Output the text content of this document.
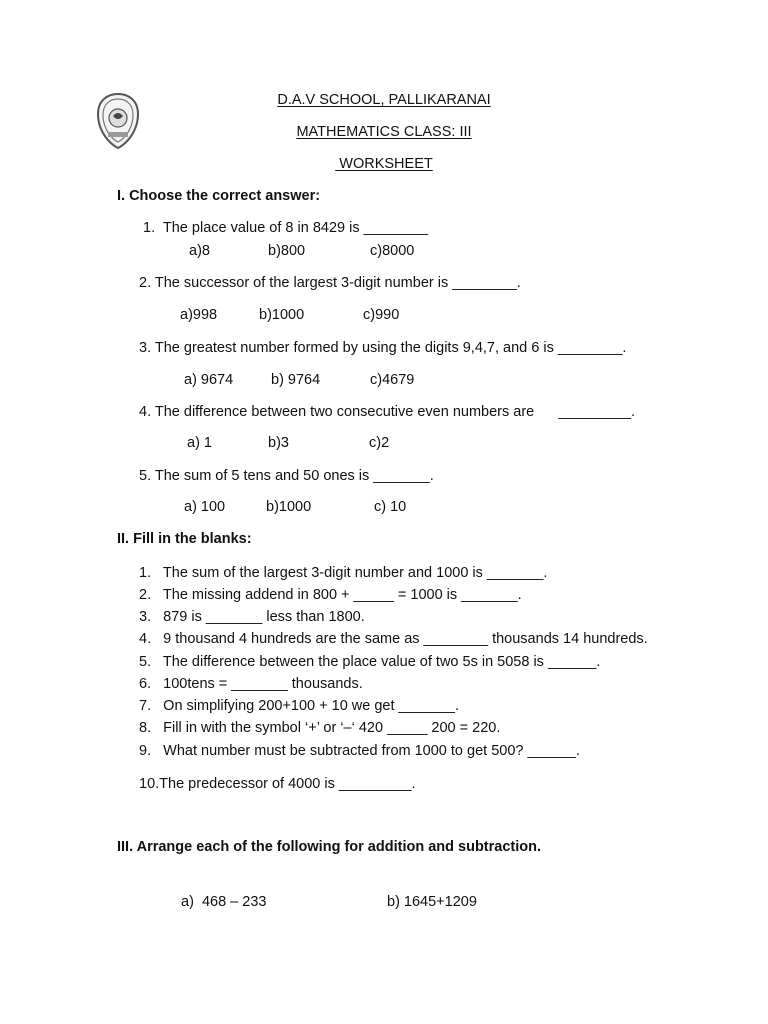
D.A.V SCHOOL, PALLIKARANAI
MATHEMATICS CLASS: III
WORKSHEET
I. Choose the correct answer:
1.  The place value of 8 in 8429 is ________
a)8	b)800	c)8000
2. The successor of the largest 3-digit number is ________.
a)998	b)1000	c)990
3. The greatest number formed by using the digits 9,4,7, and 6 is ________.
a) 9674	b) 9764	c)4679
4. The difference between two consecutive even numbers are      _________.
a) 1	b)3	c)2
5. The sum of 5 tens and 50 ones is _______.
a) 100	b)1000	c) 10
II. Fill in the blanks:
1.   The sum of the largest 3-digit number and 1000 is _______.
2.   The missing addend in 800 + _____ = 1000 is _______.
3.   879 is _______ less than 1800.
4.   9 thousand 4 hundreds are the same as ________ thousands 14 hundreds.
5.   The difference between the place value of two 5s in 5058 is ______.
6.   100tens = _______ thousands.
7.   On simplifying 200+100 + 10 we get _______.
8.   Fill in with the symbol ‘+’ or ‘–‘ 420 _____ 200 = 220.
9.   What number must be subtracted from 1000 to get 500? ______.
10.The predecessor of 4000 is _________.
III. Arrange each of the following for addition and subtraction.
a)  468 – 233	b) 1645+1209
